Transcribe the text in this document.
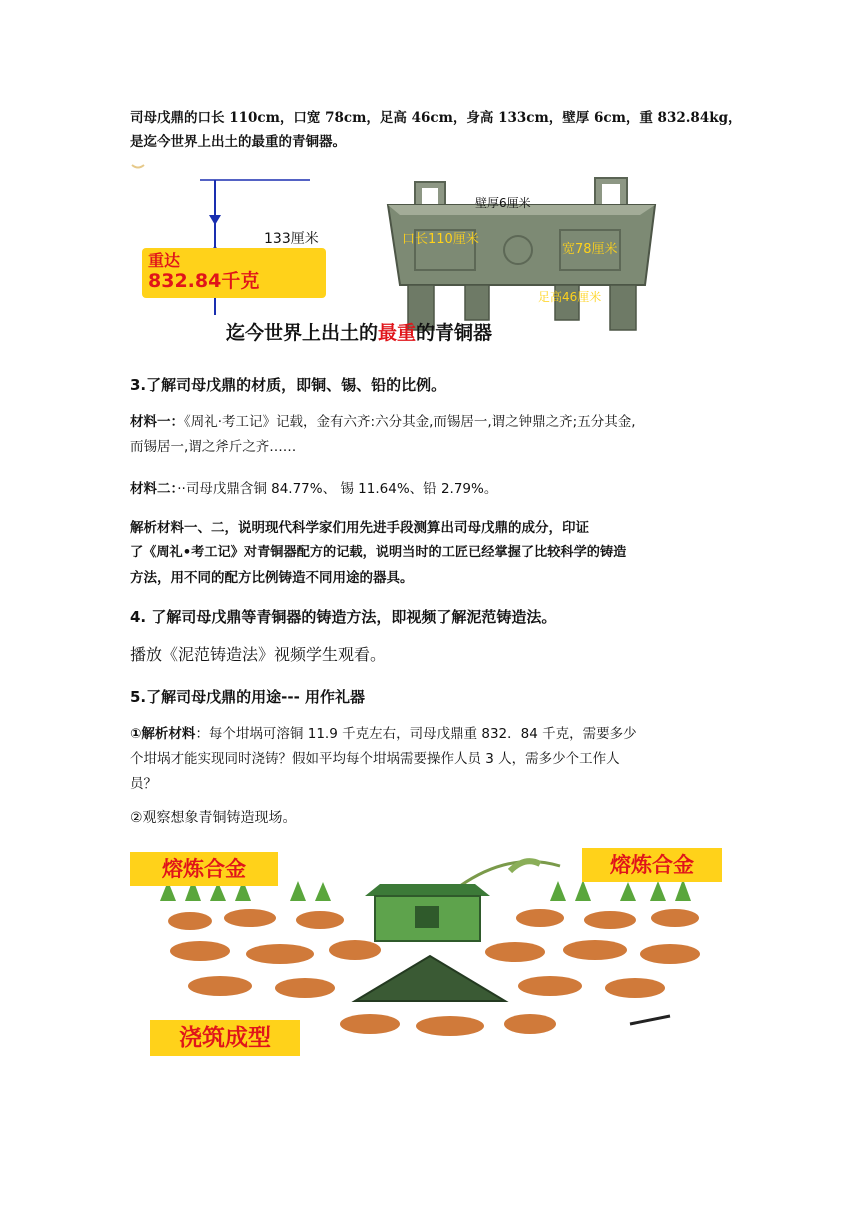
司母戊鼎的口长 110cm，口宽 78cm，足高 46cm，身高 133cm，壁厚 6cm，重 832.84kg，
是迄今世界上出土的最重的青铜器。
133厘米
壁厚6厘米
口长110厘米
宽78厘米
足高46厘米
重达
832.84千克
迄今世界上出土的最重的青铜器
3.了解司母戊鼎的材质，即铜、锡、铅的比例。
材料一：《周礼·考工记》记载，金有六齐:六分其金,而锡居一,谓之钟鼎之齐;五分其金,
而锡居一,谓之斧斤之齐……
材料二：··司母戊鼎含铜 84.77%、 锡 11.64%、铅 2.79%。
解析材料一、二，说明现代科学家们用先进手段测算出司母戊鼎的成分，印证
了《周礼•考工记》对青铜器配方的记载，说明当时的工匠已经掌握了比较科学的铸造
方法，用不同的配方比例铸造不同用途的器具。
4. 了解司母戊鼎等青铜器的铸造方法，即视频了解泥范铸造法。
播放《泥范铸造法》视频学生观看。
5.了解司母戊鼎的用途--- 用作礼器
①解析材料：每个坩埚可溶铜 11.9 千克左右，司母戊鼎重 832．84 千克，需要多少
个坩埚才能实现同时浇铸？假如平均每个坩埚需要操作人员 3 人，需多少个工作人
员？
②观察想象青铜铸造现场。
熔炼合金	熔炼合金
浇筑成型
